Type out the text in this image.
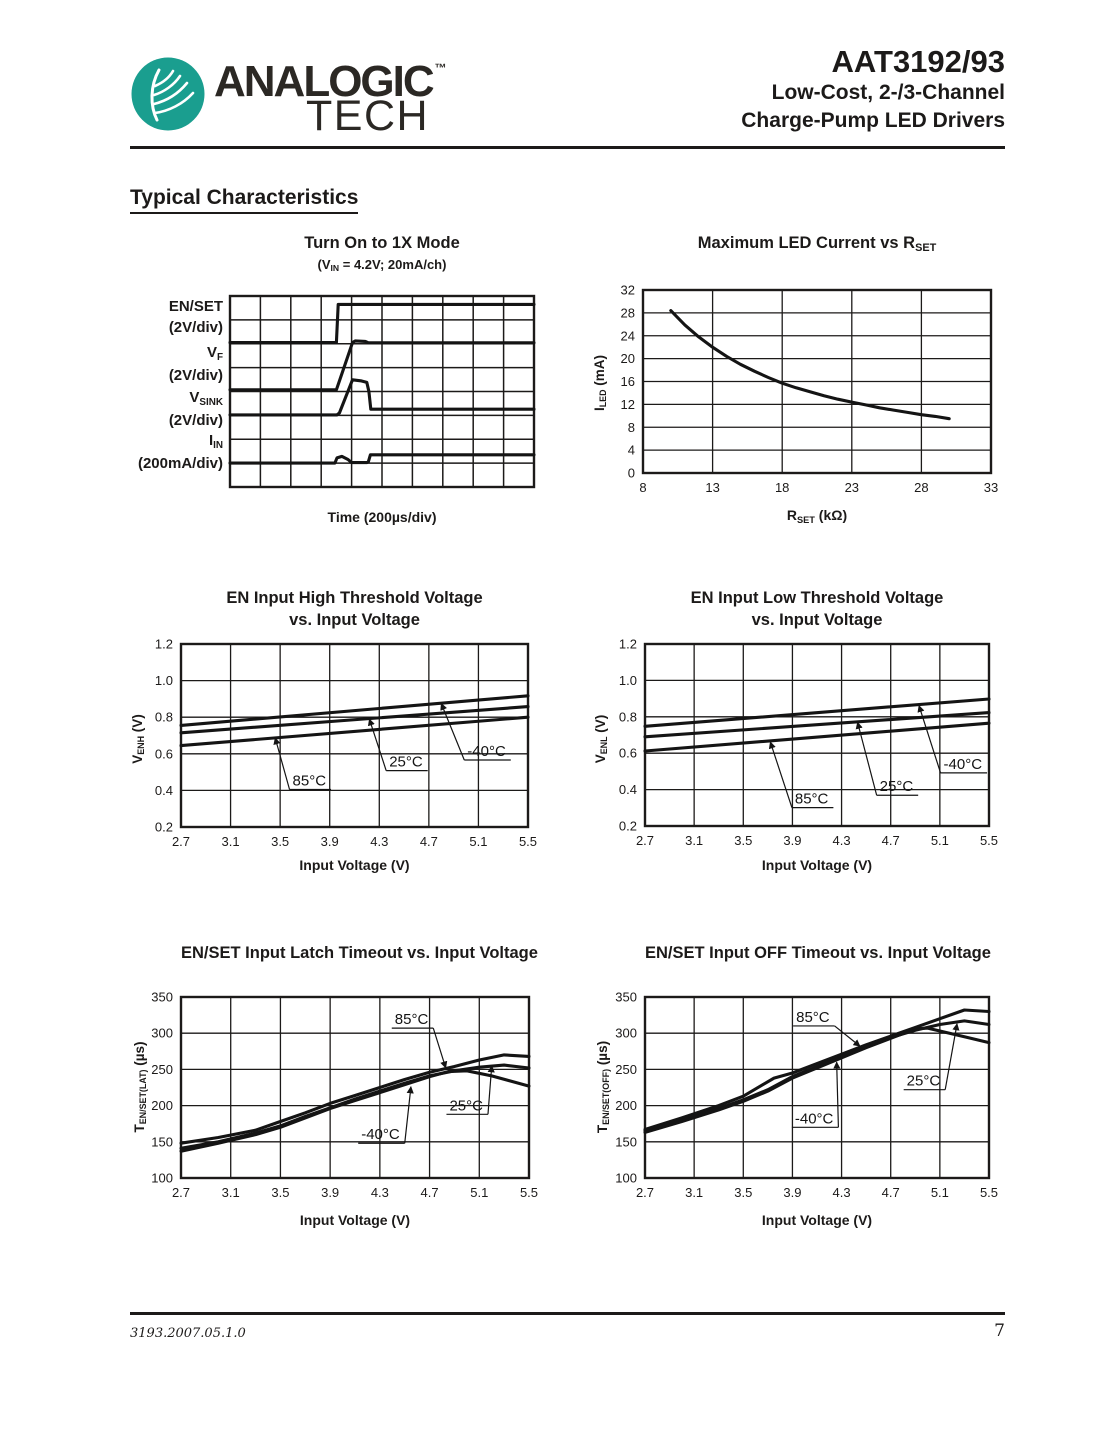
ANALOGIC ™
TECH
AAT3192/93
Low-Cost, 2-/3-Channel
Charge-Pump LED Drivers
Typical Characteristics
Turn On to 1X Mode
($V_{IN} = 4.2V$; 20mA/ch)
EN/SET
(2V/div)
$V_F$
(2V/div)
$V_{SINK}$
(2V/div)
$I_{IN}$
(200mA/div)
Time (200µs/div)
Maximum LED Current vs $R_{SET}$
$I_{LED}$ (mA)
8	13	18	23	28	33
0
4
8
12
16
20
24
28
32
$R_{SET}$ (kΩ)
EN Input High Threshold Voltage
vs. Input Voltage
$V_{ENH}$ (V)
2.7 3.1 3.5 3.9 4.3 4.7 5.1 5.5
0.2
0.4
0.6
0.8
1.0
1.2
85°C
25°C
-40°C
Input Voltage (V)
EN Input Low Threshold Voltage
vs. Input Voltage
$V_{ENL}$ (V)
2.7 3.1 3.5 3.9 4.3 4.7 5.1 5.5
0.2
0.4
0.6
0.8
1.0
1.2
85°C
25°C
-40°C
Input Voltage (V)
EN/SET Input Latch Timeout vs. Input Voltage
$T_{EN/SET(LAT)}$ (µs)
2.7 3.1 3.5 3.9 4.3 4.7 5.1 5.5
100
150
200
250
300
350
85°C
25°C
-40°C
Input Voltage (V)
EN/SET Input OFF Timeout vs. Input Voltage
$T_{EN/SET(OFF)}$ (µs)
2.7 3.1 3.5 3.9 4.3 4.7 5.1 5.5
100
150
200
250
300
350
85°C
25°C
-40°C
Input Voltage (V)
3193.2007.05.1.0	7
